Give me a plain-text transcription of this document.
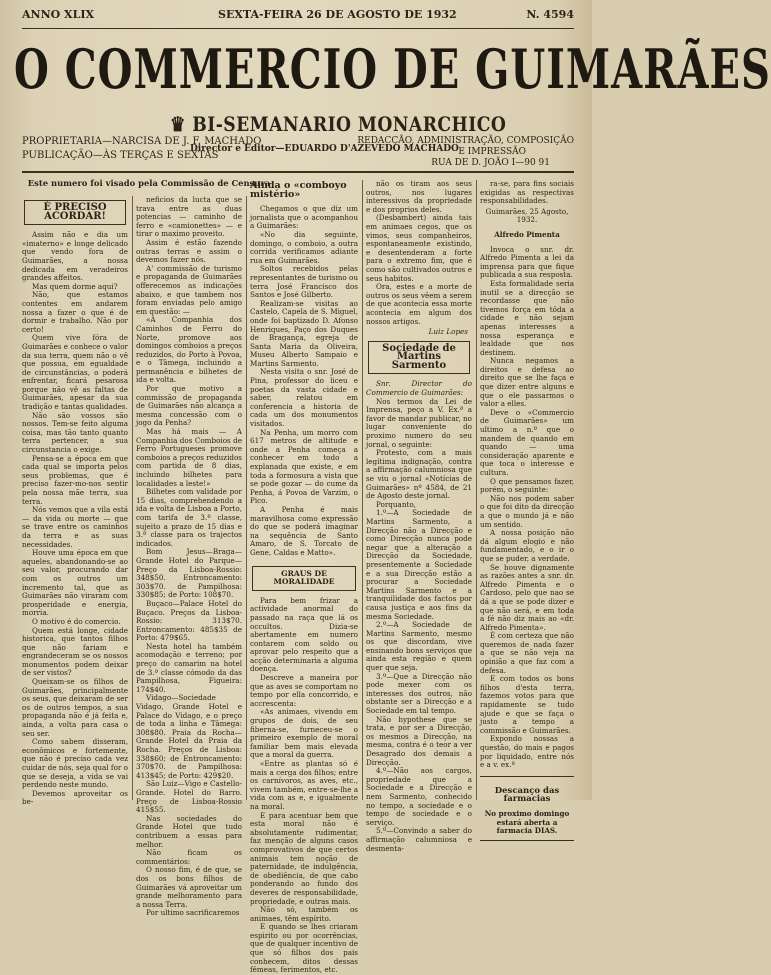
ANNO XLIX	SEXTA-FEIRA 26 DE AGOSTO DE 1932	N. 4594
O COMMERCIO DE GUIMARÃES
♛ BI-SEMANARIO MONARCHICO
PROPRIETARIA—NARCISA DE J. F. MACHADO
PUBLICAÇÃO—ÀS TERÇAS E SEXTAS
Director e Editor—EDUARDO D'AZEVEDO MACHADO
REDACÇÃO, ADMINISTRAÇÃO, COMPOSIÇÃO
E IMPRESSÃO
RUA DE D. JOÃO I—90 91
Este numero foi visado pela Commissão de Censura
É PRECISO ACORDAR!

Assim não e dia um «imaterno» e longe delicado que vendo fora de Guimarães, a nossa dedicada em veradeiros grandes affeitos.

Mas quem dorme aqui?

Não, que estamos contentes em andarem nossa a fazer o que é de dormir e trabalho. Não por certo!

Quem vive fóra de Guimarães e conhece o valor da sua terra, quem não o vê que possua, em egualdade de circunstâncias, o poderá enfrentar, ficará pesarosa porque não vê as faltas de Guimarães, apesar da sua tradição e tantas qualidades.

Não são vossos são nossos. Tem-se feito alguma coisa, mas tão tanto quanto terra pertencer, a sua circunstancia o exige.

Pensa-se a época em que cada qual se importa pelos seus problemas, que é preciso fazer-mo-nos sentir pela nossa mãe terra, sua terra.

Nós vemos que a vila está — da vida ou morte — que se trave entre os caminhos da terra e as suas necessidades.

Houve uma época em que aqueles, abandonando-se ao seu valor, procurando dar com os outros um incremento tal, que as Guimarães não viraram com prosperidade e energia, morria.

O motivo é do comercio.

Quem está longe, cidade historica, que tantos filhos que não fariam e engrandeceram se os nossos monumentos podem deixar de ser vistos?

Queixam-se os filhos de Guimarães, principalmente os seus, que deixaram de ser os de outros tempos, a sua propaganda não é já feita e, ainda, a volta para casa o seu ser.

Como sabem disseram, econômicos e fortemente, que não é preciso cada vez cuidar de nós, seja qual for o que se deseja, a vida se vai perdendo neste mundo.

Devemos aproveitar os be-

neficios da lucta que se trava entre as duas potencias — caminho de ferro e «camionettes» — e tirar o maximo proveito.

Assim é estão fazendo outras terras e assim o devemos fazer nós.

A' commissão de turismo e propaganda de Guimarães offerecemos as indicações abaixo, e que tambem nos foram enviadas pelo amigo em questão: —

«A Companhia dos Caminhos de Ferro do Norte, promove aos domingos comboios a preços reduzidos, do Porto à Povoa, e o Tâmega, incluindo a permanência e bilhetes de ida e volta.

Por que motivo a commissão de propaganda de Guimarães não alcança a mesma concessão com o jogo da Penha?

Mas há mais — A Companhia dos Comboios de Ferro Portugueses promove comboios a preços reduzidos com partida de 8 dias, incluindo bilhetes para localidades a leste!»

Bilhetes com validade por 15 dias, comprehendendo a ida e volta de Lisboa a Porto, com tarifa de 3.ª classe, sujeito a prazo de 15 dias e 3.ª classe para os trajectos indicados.

Bom Jesus—Braga—Grande Hotel do Parque—Preço da Lisboa-Rossio: 348$50. Entroncamento: 303$70. de Pampilhosa: 330$85; de Porto: 108$70.

Buçaco—Palace Hotel do Buçaco. Preços da Lisboa-Rossio: 313$70. Entroncamento: 485$35 de Porto: 479$65.

Nesta hotel ha também acomodação e terreno; por preço do camarim na hotel de 3.ª classe cómodo da das Pampilhosa, Figueira: 174$40.

Vidago—Sociedade Vidago, Grande Hotel e Palace do Vidago, e o preço de toda a linha e Tâmega: 308$80. Praia da Rocha—Grande Hotel da Praia da Rocha. Preços de Lisboa: 338$60; de Entroncamento: 370$70. de Pampilhosa: 413$45; de Porto: 429$20.

São Luiz—Vigo e Castello-Grande. Hotel do Barro. Preço de Lisboa-Rossio 415$55.

Nas sociedades do Grande Hotel que tudo contribuem a essas para melhor.

Não ficam os commentários:

O nosso fim, é de que, se dos os bons filhos de Guimarães vá aproveitar um grande melhoramento para a nossa Terra.

Por ultimo sacrificaremos

Ainda o «comboyo mistério»

Chegamos o que diz um jornalista que o acompanhou a Guimarães:

«No dia seguinte, domingo, o comboio, a outra corrida verificamos adiante rua em Guimarães.

Soltos recebidos pelas representantes de turismo ou terra José Francisco dos Santos e José Gilberto.

Realizam-se visitas ao Castelo, Capela de S. Miguel, onde foi baptizado D. Afonso Henriques, Paço dos Duques de Bragança, egreja de Santa Maria da Oliveira, Museu Alberto Sampaio e Martins Sarmento.

Nesta visita o snr. José de Pina, professor do liceu e poetas da vasta cidade e saber, relatou em conferencia a historia de cada um dos monumentos visitados.

Na Penha, um morro com 617 metros de altitude e onde a Penha começa a conhecer em todo a explanada que existe, e em toda a formosura a vista que se pode gozar — do cume da Penha, á Povoa de Varzim, o Pico.

A Penha é mais maravilhosa como expressão do que se poderá imaginar na sequência de Santo Amaro, de S. Torcato de Gene, Caldas e Matto».

GRAUS DE MORALIDADE

Para bem frizar a actividade anormal do passado na raça que lá os occultos. Dizia-se abertamente em numero contarem com soldo ou aprovar pelo respeito que a acção determinaria a alguma doença.

Descreve a maneira por que as aves se comportam no tempo por ella concorrido, e accrescenta:

«As animaes, vivendo em grupos de dois, de seu fiberna-se, furneceu-se o primeiro exemplo de moral familiar bem mais elevada que a moral da guerra.

«Entre as plantas só é mais a cerga dos filhos; entre os carnívoros, as aves, etc., vivem também, entre-se-lhe a vida com as e, e igualmente na moral.

E para acentuar bem que esta moral não é absolutamente rudimentar, faz menção de alguns casos comprovativos de que certos animais tem noção de paternidade, de indulgência, de obediência, de que cabo ponderando ao fundo dos deveres de responsabilidade, propriedade, e outras mais.

Não só, também os animaes, têm espírito.

E quando se lhes criaram espirito ou por ocorrências, que de qualquer incentivo de que só filhos dos pais conhecem, ditos dessas fêmeas, ferimentos, etc.

não os tiram aos seus outros, nos lugares interessivos da propriedade e dos proprios deles.

(Desbambert) ainda tais em animaes cegos, que os vimos, seus companheiros, espontaneamente existindo, e desentenderam a forte para o extremo fim, que é como são cultivados outros e seus habitos.

Ora, estes e a morte de outros os seus vêem a serem de que acontecia essa morte acontecia em algum dos nossos artigos.

Luiz Lopes
Sociedade de Martins Sarmento

Snr. Director do Commercio de Guimarães:

Nos termos da Lei de Imprensa, peço a V. Ex.ª a favor de mandar publicar, no lugar conveniente do proximo numero do seu jornal, o seguinte:

Protesto, com a mais legítima indignação, contra a affirmação calumniosa que se viu o jornal «Notícias de Guimarães» nº 4584, de 21 de Agosto deste jornal.

Porquanto,

1.º—A Sociedade de Martins Sarmento, a Direcção não a Direcção e como Direcção nunca pode negar que a alteração a Direcção da Sociedade, presentemente a Sociedade e a sua Direcção estão a procurar a Sociedade Martins Sarmento e a tranquilidade dos factos por causa justiça e aos fins da mesma Sociedade.

2.º—A Sociedade de Martins Sarmento, mesmo os que discordam, vive ensinando bons serviços que ainda esta região e quem quer que seja.

3.º—Que a Direcção não pode mexer com os interesses dos outros, não obstante ser a Direcção e a Sociedade em tal tempo.

Não hypothese que se trata, e por ser a Direcção, os mesmos a Direcção, na mesma, contra é o teor a ver Desagrado dos demais a Direcção.

4.º—Não aos cargos, propriedade que a Sociedade e a Direcção e nem Sarmento, conhecido no tempo, a sociedade e o tempo de sociedade e o serviço.

5.º—Convindo a saber do affirmação calumniosa e desmenta-

ra-se, para fins sociais exigidas as respectivas responsabilidades.

Guimarães, 25 Agosto, 1932.
Alfredo Pimenta

Invoca o snr. dr. Alfredo Pimenta a lei da imprensa para que fique publicada a sua resposta.

Esta formalidade seria inutil se a direcção se recordasse que não tivemos força em tôda a cidade e não sejam apenas interesses a nossa esperança e lealdade que nos destinem.

Nunca negamos a direitos e defesa ao direito que se lhe faça e que dizer entre alguns e que o ele passarmos o valor a elles.

Deve o «Commercio de Guimarães» um ultimo a n.º que o mandem de quando em quando — uma consideração aparente e que toca o interesse e cultura.

O que pensamos fazer, porém, o seguinte:

Não nos podem saber o que foi dito da direcção a que o mundo já e não um sentido.

A nossa posição não dá algum elogio e não fundamentado, e o ir o que se puder, a verdade.

Se houve dignamente as razões antes a snr. dr. Alfredo Pimenta e o Cardoso, pelo que nao se dá a que se pode dizer e que não será, e em toda a fé não diz mais ao «dr. Alfredo Pimenta».

É com certeza que não queremos de nada fazer a que se não veja na opinião a que faz com a defesa.

E com todos os bons filhos d'esta terra, fazemos votos para que rapidamente se tudo ajude e que se faça o justo a tempo a commissão e Guimarães.

Expondo nossas a questão, do mais e pagos por liquidado, entre nós e a v. ex.ª

Descanço das farmacias
No proximo domingo estará aberta a farmacia DIAS.
